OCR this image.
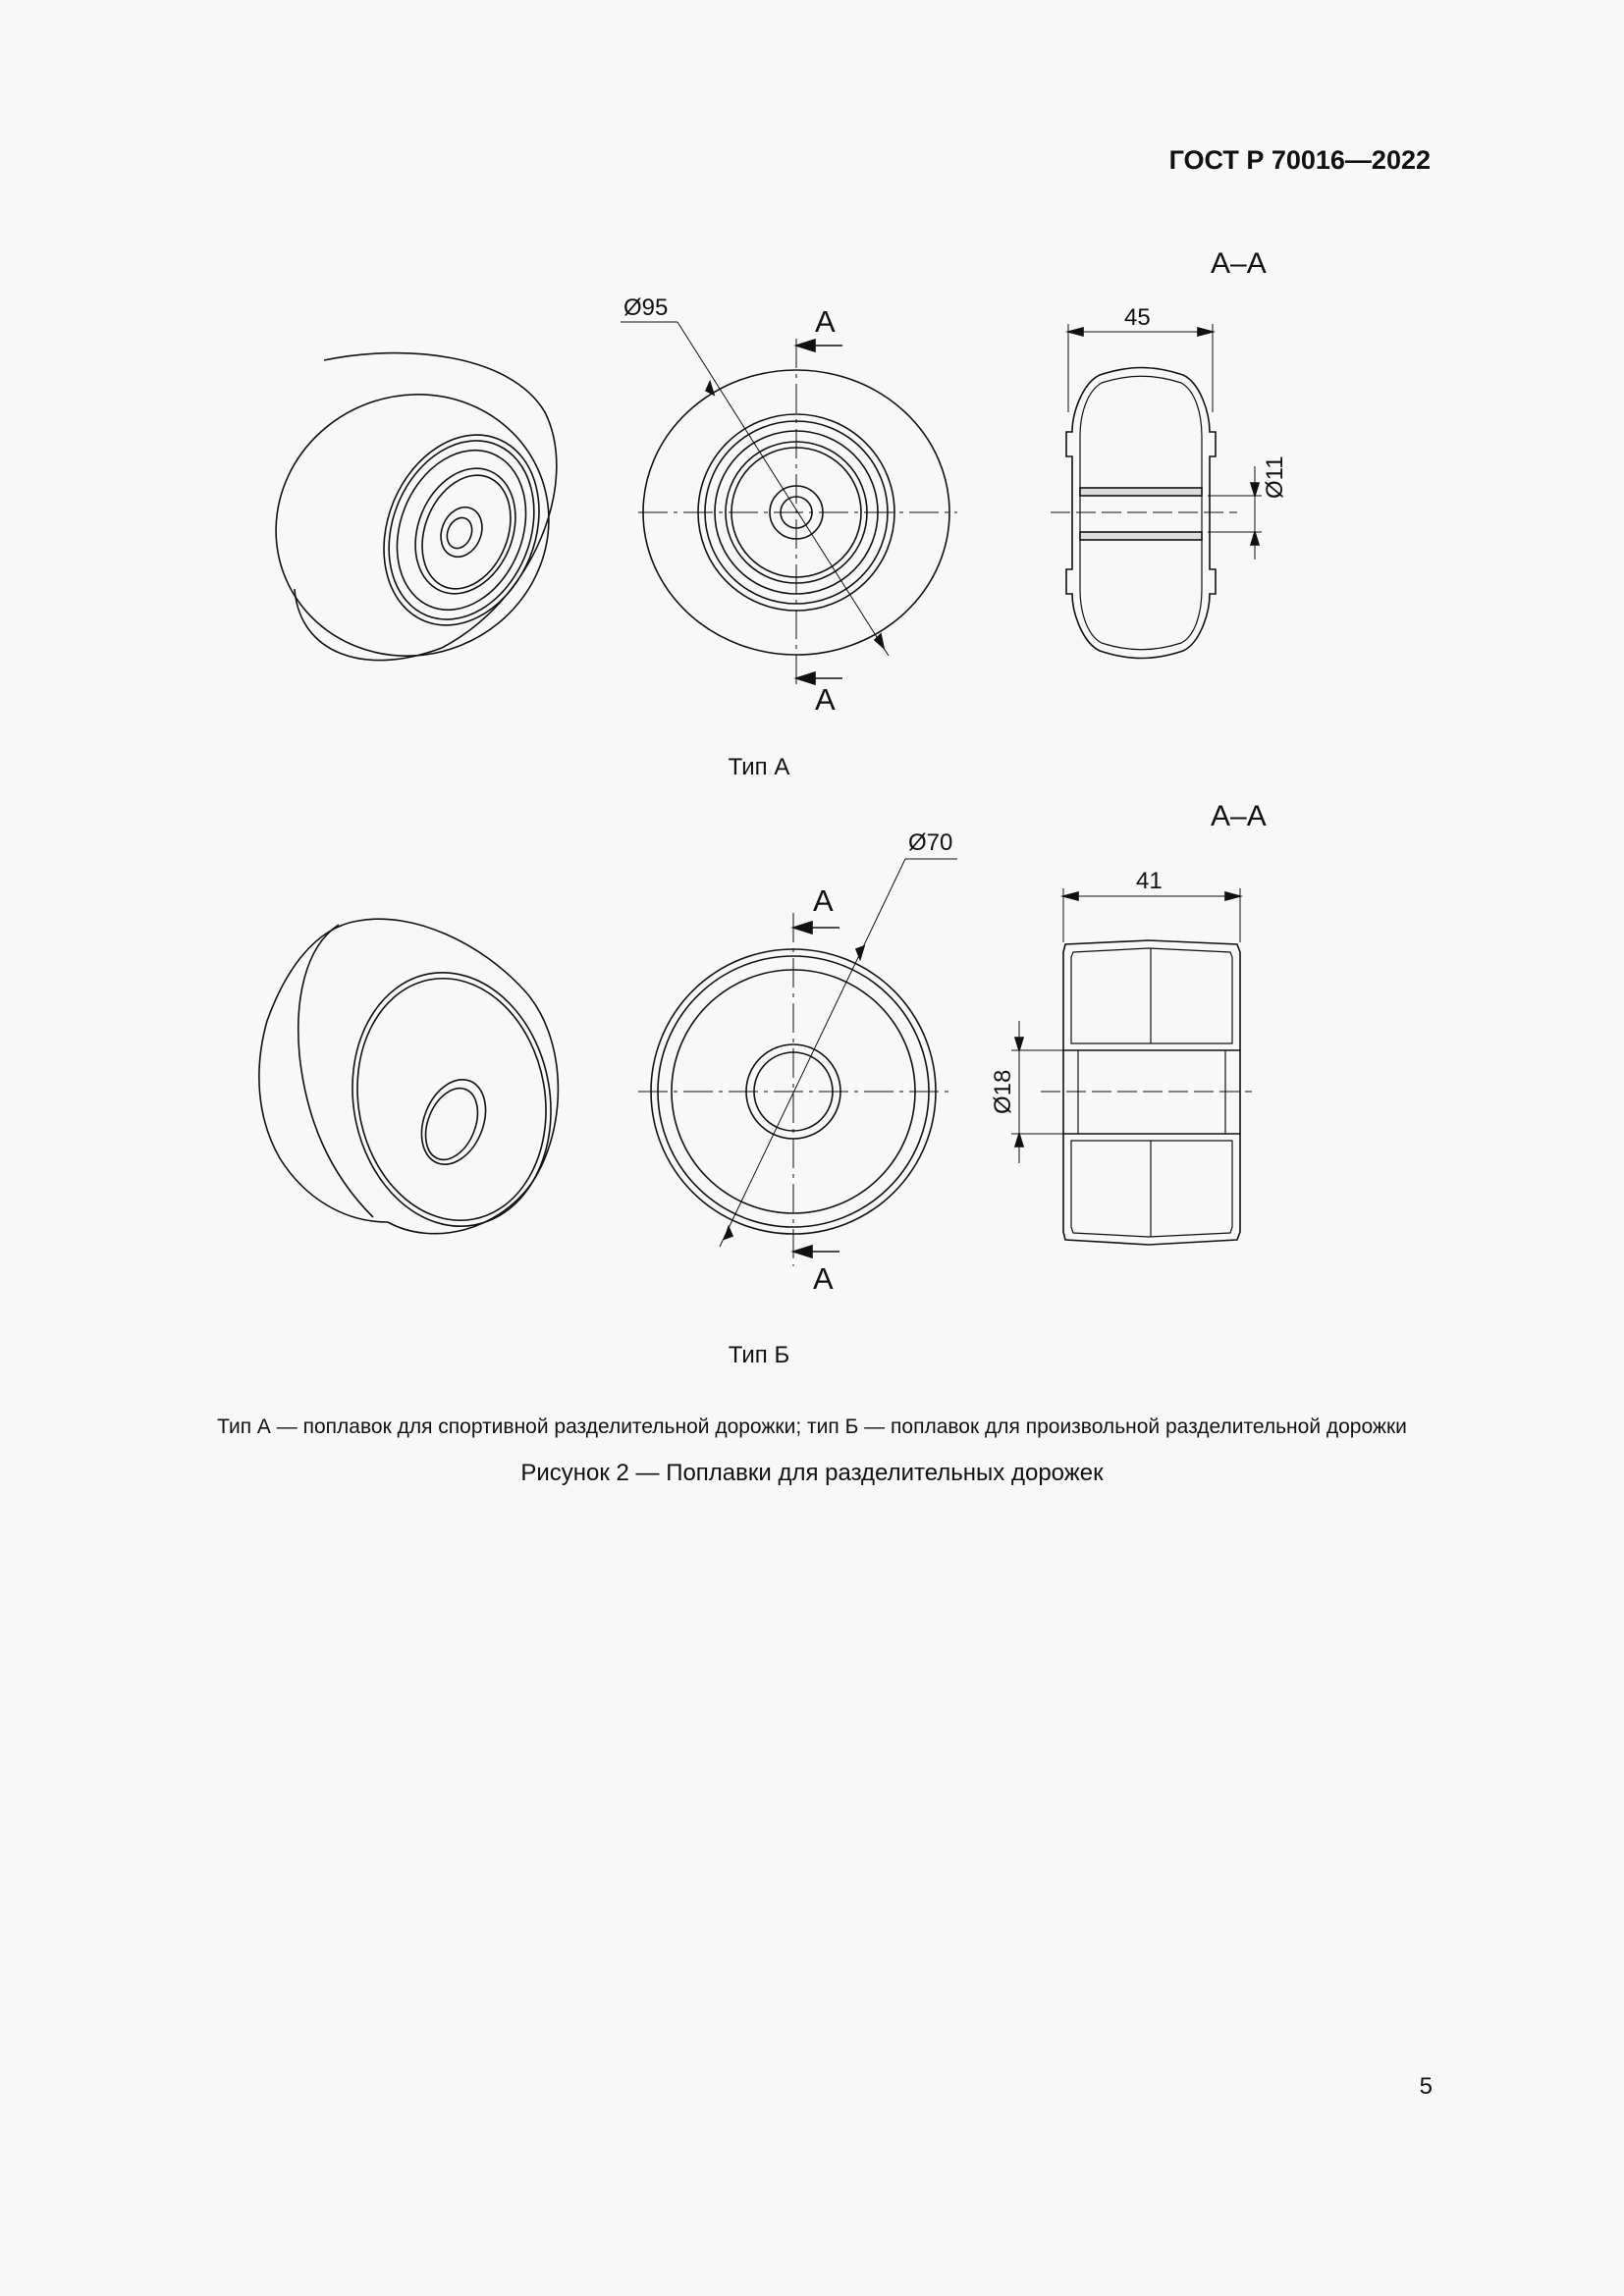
ГОСТ Р 70016—2022
А–А
А
А
Ø95	45
Ø11
Тип А
А–А
А
А
Ø70
41
Ø18
Тип Б
Тип А — поплавок для спортивной разделительной дорожки; тип Б — поплавок для произвольной разделительной дорожки
Рисунок 2 — Поплавки для разделительных дорожек
5
